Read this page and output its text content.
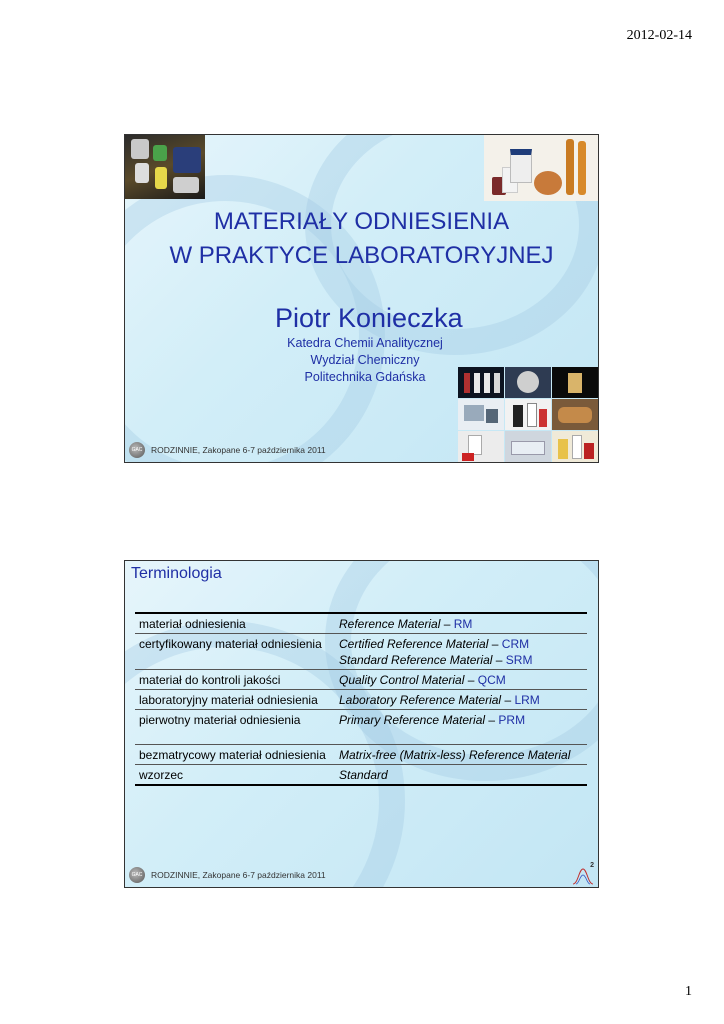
2012-02-14
MATERIAŁY ODNIESIENIA
W PRAKTYCE LABORATORYJNEJ
Piotr Konieczka
Katedra Chemii Analitycznej
Wydział Chemiczny
Politechnika Gdańska
GAC	RODZINNIE, Zakopane 6-7 października 2011
Terminologia
materiał odniesienia	Reference Material – RM
certyfikowany materiał odniesienia	Certified Reference Material – CRM
Standard Reference Material – SRM

materiał do kontroli jakości	Quality Control Material – QCM
laboratoryjny materiał odniesienia	Laboratory Reference Material – LRM
pierwotny materiał odniesienia	Primary Reference Material – PRM
bezmatrycowy materiał odniesienia	Matrix-free (Matrix-less) Reference Material
wzorzec	Standard
2
GAC	RODZINNIE, Zakopane 6-7 października 2011
1
